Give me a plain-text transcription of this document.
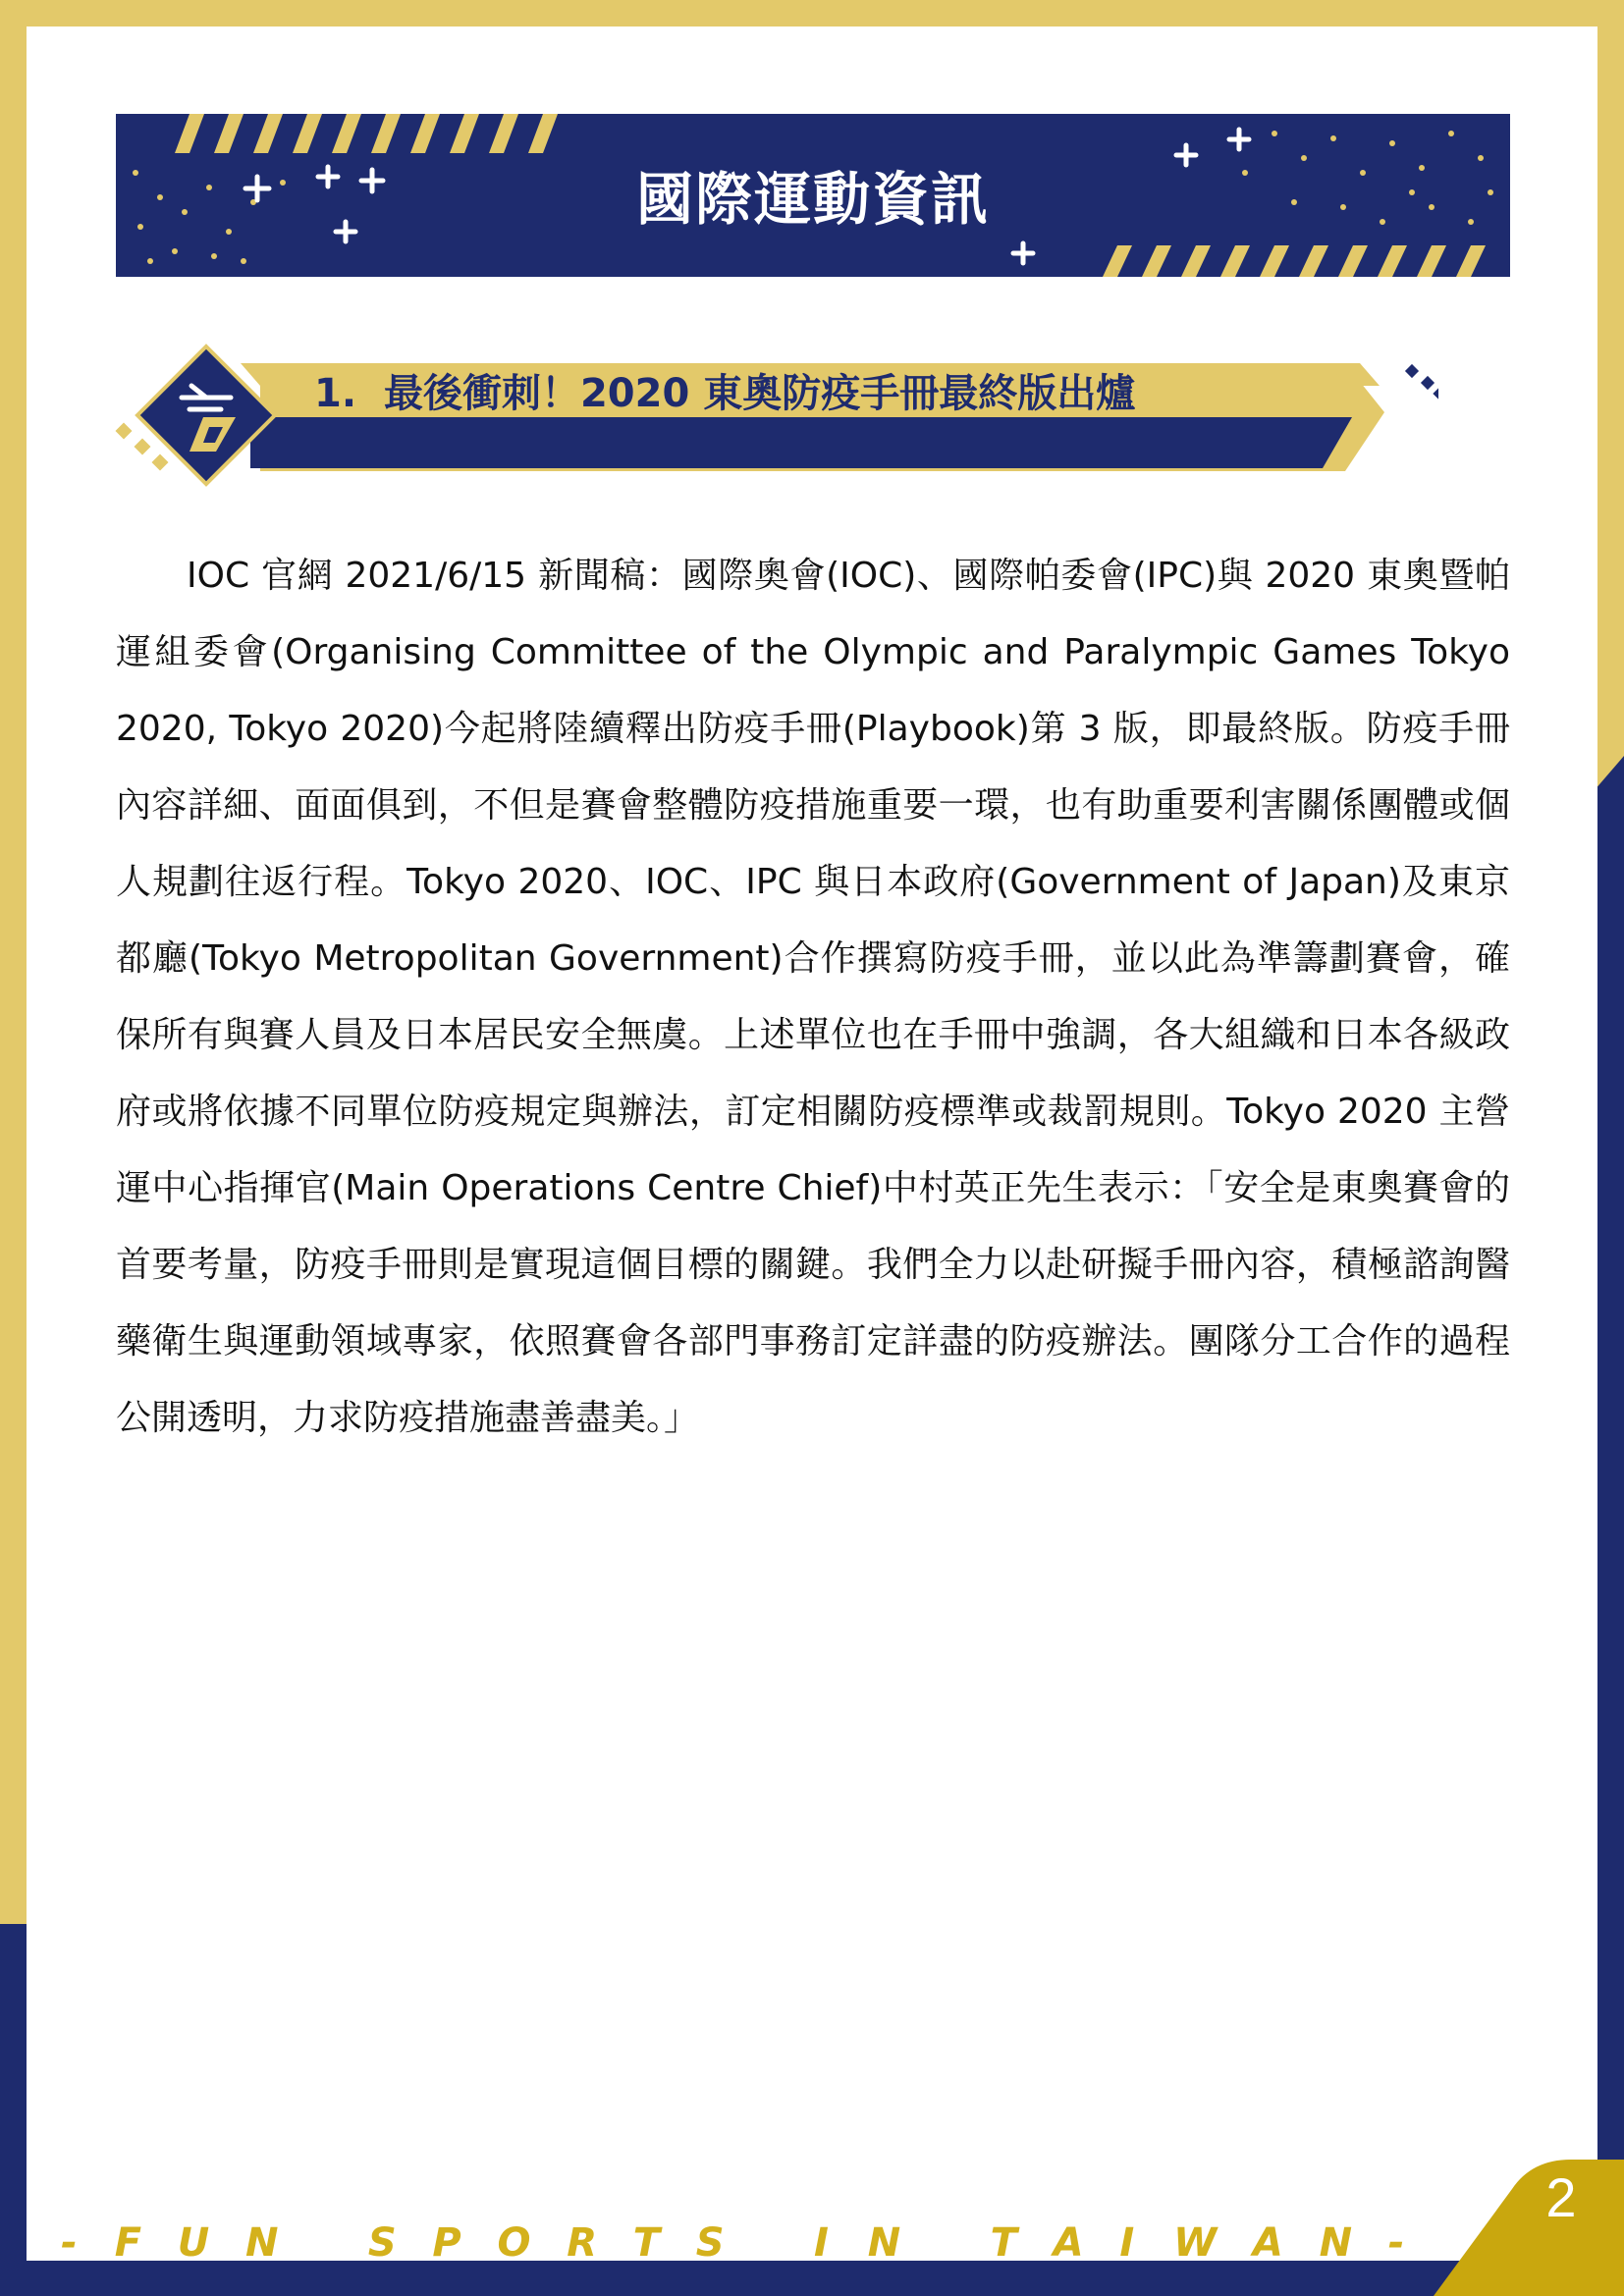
國際運動資訊
1. 最後衝刺！2020 東奧防疫手冊最終版出爐
IOC 官網 2021/6/15 新聞稿：國際奧會(IOC)、國際帕委會(IPC)與 2020 東奧暨帕運組委會(Organising Committee of the Olympic and Paralympic Games Tokyo 2020, Tokyo 2020)今起將陸續釋出防疫手冊(Playbook)第 3 版，即最終版。防疫手冊內容詳細、面面俱到，不但是賽會整體防疫措施重要一環，也有助重要利害關係團體或個人規劃往返行程。Tokyo 2020、IOC、IPC 與日本政府(Government of Japan)及東京都廳(Tokyo Metropolitan Government)合作撰寫防疫手冊，並以此為準籌劃賽會，確保所有與賽人員及日本居民安全無虞。上述單位也在手冊中強調，各大組織和日本各級政府或將依據不同單位防疫規定與辦法，訂定相關防疫標準或裁罰規則。Tokyo 2020 主營運中心指揮官(Main Operations Centre Chief)中村英正先生表示：「安全是東奧賽會的首要考量，防疫手冊則是實現這個目標的關鍵。我們全力以赴研擬手冊內容，積極諮詢醫藥衛生與運動領域專家，依照賽會各部門事務訂定詳盡的防疫辦法。團隊分工合作的過程公開透明，力求防疫措施盡善盡美。」
- F U N S P O R T S I N T A I W A N -
2
